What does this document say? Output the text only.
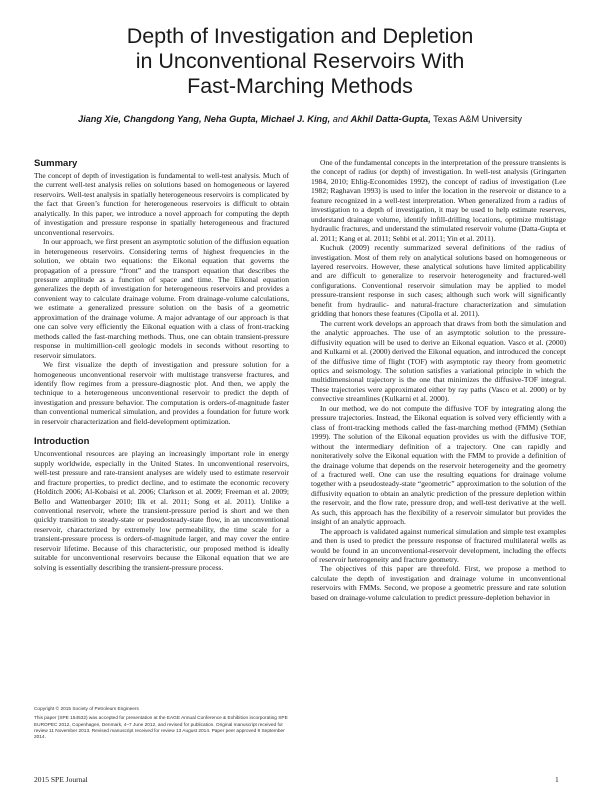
Depth of Investigation and Depletion
in Unconventional Reservoirs With
Fast-Marching Methods
Jiang Xie, Changdong Yang, Neha Gupta, Michael J. King, and Akhil Datta-Gupta, Texas A&M University
Summary

The concept of depth of investigation is fundamental to well-test analysis. Much of the current well-test analysis relies on solutions based on homogeneous or layered reservoirs. Well-test analysis in spatially heterogeneous reservoirs is complicated by the fact that Green’s function for heterogeneous reservoirs is difficult to obtain analytically. In this paper, we introduce a novel approach for computing the depth of investigation and pressure response in spatially heterogeneous and fractured unconventional reservoirs.

In our approach, we first present an asymptotic solution of the diffusion equation in heterogeneous reservoirs. Considering terms of highest frequencies in the solution, we obtain two equations: the Eikonal equation that governs the propagation of a pressure “front” and the transport equation that describes the pressure amplitude as a function of space and time. The Eikonal equation generalizes the depth of investigation for heterogeneous reservoirs and provides a convenient way to calculate drainage volume. From drainage-volume calculations, we estimate a generalized pressure solution on the basis of a geometric approximation of the drainage volume. A major advantage of our approach is that one can solve very efficiently the Eikonal equation with a class of front-tracking methods called the fast-marching methods. Thus, one can obtain transient-pressure response in multimillion-cell geologic models in seconds without resorting to reservoir simulators.

We first visualize the depth of investigation and pressure solution for a homogeneous unconventional reservoir with multistage transverse fractures, and identify flow regimes from a pressure-diagnostic plot. And then, we apply the technique to a heterogeneous unconventional reservoir to predict the depth of investigation and pressure behavior. The computation is orders-of-magnitude faster than conventional numerical simulation, and provides a foundation for future work in reservoir characterization and field-development optimization.

Introduction

Unconventional resources are playing an increasingly important role in energy supply worldwide, especially in the United States. In unconventional reservoirs, well-test pressure and rate-transient analyses are widely used to estimate reservoir and fracture properties, to predict decline, and to estimate the economic recovery (Holditch 2006; Al-Kobaisi et al. 2006; Clarkson et al. 2009; Freeman et al. 2009; Bello and Wattenbarger 2010; Ilk et al. 2011; Song et al. 2011). Unlike a conventional reservoir, where the transient-pressure period is short and we then quickly transition to steady-state or pseudosteady-state flow, in an unconventional reservoir, characterized by extremely low permeability, the time scale for a transient-pressure process is orders-of-magnitude larger, and may cover the entire reservoir lifetime. Because of this characteristic, our proposed method is ideally suitable for unconventional reservoirs because the Eikonal equation that we are solving is essentially describing the transient-pressure process.

One of the fundamental concepts in the interpretation of the pressure transients is the concept of radius (or depth) of investigation. In well-test analysis (Gringarten 1984, 2010; Ehlig-Economides 1992), the concept of radius of investigation (Lee 1982; Raghavan 1993) is used to infer the location in the reservoir or distance to a feature recognized in a well-test interpretation. When generalized from a radius of investigation to a depth of investigation, it may be used to help estimate reserves, understand drainage volume, identify infill-drilling locations, optimize multistage hydraulic fractures, and understand the stimulated reservoir volume (Datta-Gupta et al. 2011; Kang et al. 2011; Sehbi et al. 2011; Yin et al. 2011).

Kuchuk (2009) recently summarized several definitions of the radius of investigation. Most of them rely on analytical solutions based on homogeneous or layered reservoirs. However, these analytical solutions have limited applicability and are difficult to generalize to reservoir heterogeneity and fractured-well configurations. Conventional reservoir simulation may be applied to model pressure-transient response in such cases; although such work will significantly benefit from hydraulic- and natural-fracture characterization and simulation gridding that honors these features (Cipolla et al. 2011).

The current work develops an approach that draws from both the simulation and the analytic approaches. The use of an asymptotic solution to the pressure-diffusivity equation will be used to derive an Eikonal equation. Vasco et al. (2000) and Kulkarni et al. (2000) derived the Eikonal equation, and introduced the concept of the diffusive time of flight (TOF) with asymptotic ray theory from geometric optics and seismology. The solution satisfies a variational principle in which the multidimensional trajectory is the one that minimizes the diffusive-TOF integral. These trajectories were approximated either by ray paths (Vasco et al. 2000) or by convective streamlines (Kulkarni et al. 2000).

In our method, we do not compute the diffusive TOF by integrating along the pressure trajectories. Instead, the Eikonal equation is solved very efficiently with a class of front-tracking methods called the fast-marching method (FMM) (Sethian 1999). The solution of the Eikonal equation provides us with the diffusive TOF, without the intermediary definition of a trajectory. One can rapidly and noniteratively solve the Eikonal equation with the FMM to provide a definition of the drainage volume that depends on the reservoir heterogeneity and the geometry of a fractured well. One can use the resulting equations for drainage volume together with a pseudosteady-state “geometric” approximation to the solution of the diffusivity equation to obtain an analytic prediction of the pressure depletion within the reservoir, and the flow rate, pressure drop, and well-test derivative at the well. As such, this approach has the flexibility of a reservoir simulator but provides the insight of an analytic approach.

The approach is validated against numerical simulation and simple test examples and then is used to predict the pressure response of fractured multilateral wells as would be found in an unconventional-reservoir development, including the effects of reservoir heterogeneity and fracture geometry.

The objectives of this paper are threefold. First, we propose a method to calculate the depth of investigation and drainage volume in unconventional reservoirs with FMMs. Second, we propose a geometric pressure and rate solution based on drainage-volume calculation to predict pressure-depletion behavior in

Copyright © 2015 Society of Petroleum Engineers

This paper (SPE 154532) was accepted for presentation at the EAGE Annual Conference & Exhibition incorporating SPE EUROPEC 2012, Copenhagen, Denmark, 4–7 June 2012, and revised for publication. Original manuscript received for review 11 November 2013. Revised manuscript received for review 13 August 2014. Paper peer approved 9 September 2014.

2015 SPE Journal	1
